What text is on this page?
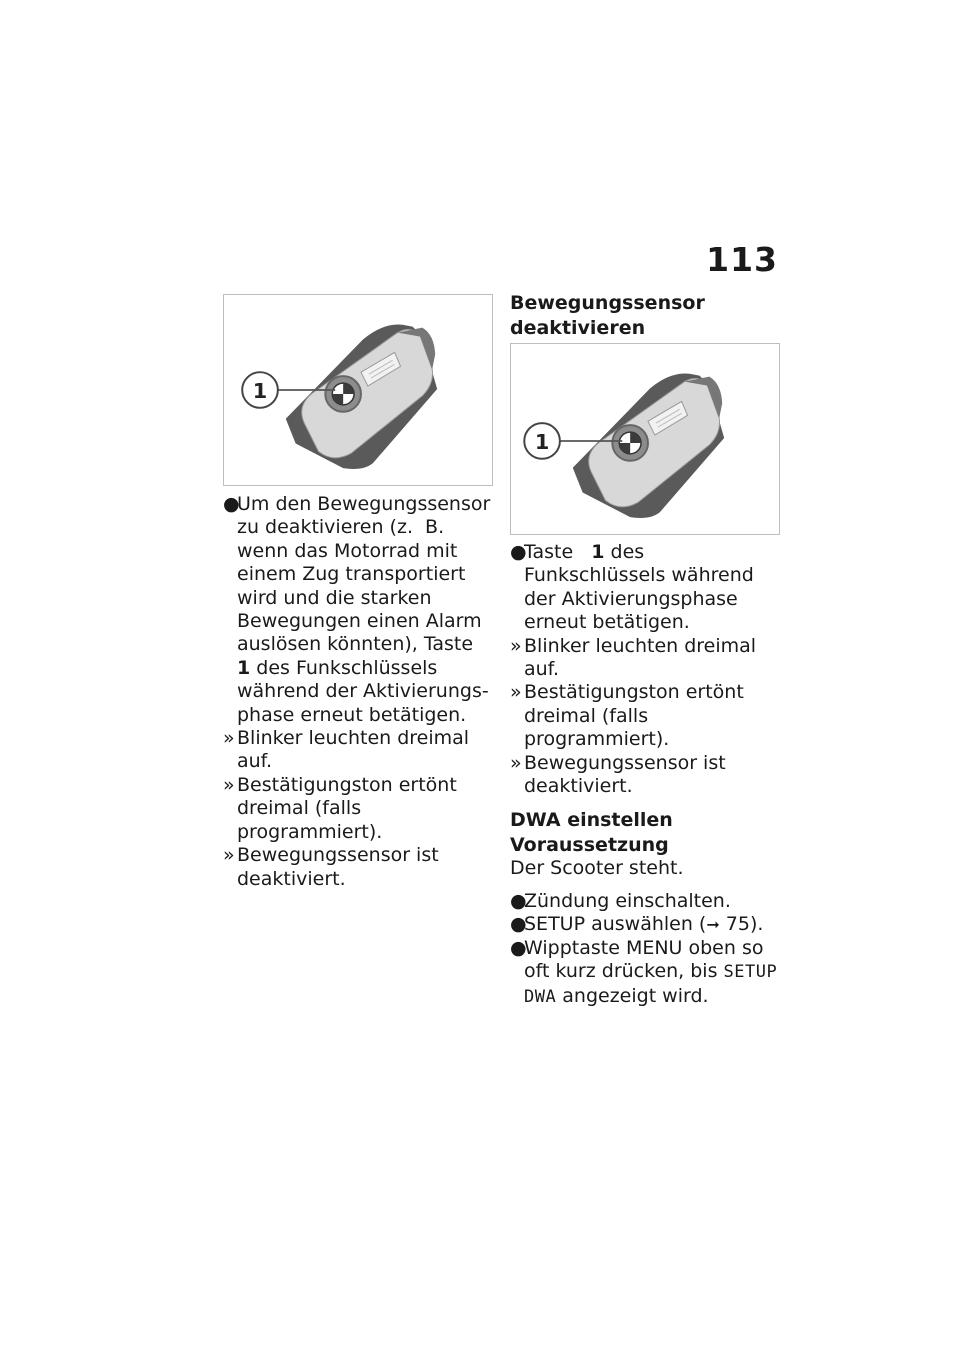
113
1
●
Um den Bewegungssensor zu deaktivieren (z.  B. wenn das Motorrad mit einem Zug transportiert wird und die starken Bewegungen einen Alarm auslösen könnten), Taste   1 des Funkschlüssels während der Aktivierungsphase erneut betätigen.
» Blinker leuchten dreimal auf.
» Bestätigungston ertönt dreimal (falls programmiert).
» Bewegungssensor ist deaktiviert.
Bewegungssensor deaktivieren
1
●
Taste   1 des Funkschlüssels während der Aktivierungsphase erneut betätigen.
» Blinker leuchten dreimal auf.
» Bestätigungston ertönt dreimal (falls programmiert).
» Bewegungssensor ist deaktiviert.
DWA einstellen
Voraussetzung

Der Scooter steht.

●
Zündung einschalten.
●
SETUP auswählen (➞ 75).
●
Wipptaste MENU oben so oft kurz drücken, bis SETUP DWA angezeigt wird.
